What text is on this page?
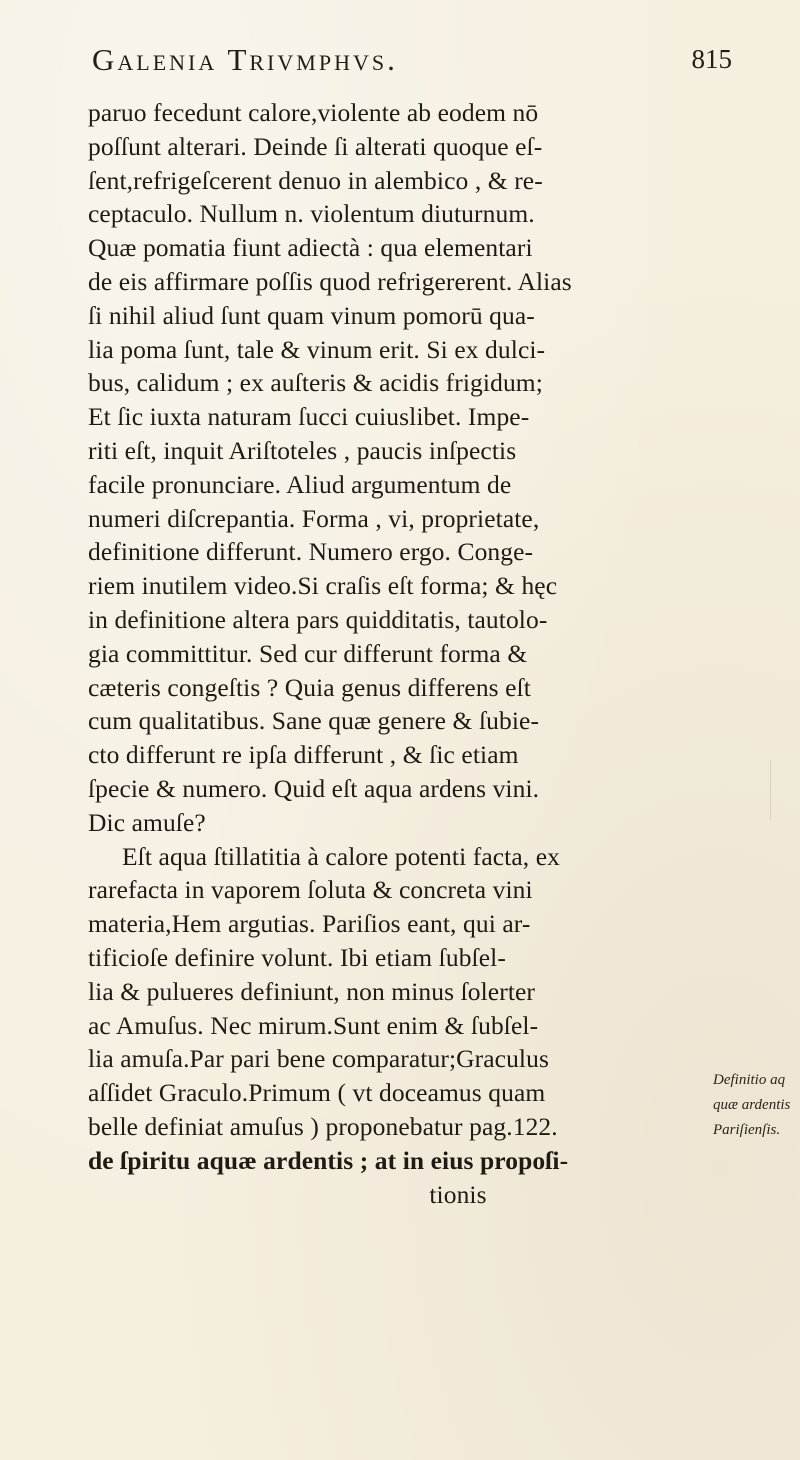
Galenia Trivmphvs.	815
paruo fecedunt calore,violente ab eodem nō
poſſunt alterari. Deinde ſi alterati quoque eſ-
ſent,refrigeſcerent denuo in alembico , & re-
ceptaculo. Nullum n. violentum diuturnum.
Quæ pomatia fiunt adiectà : qua elementari
de eis affirmare poſſis quod refrigererent. Alias
ſi nihil aliud ſunt quam vinum pomorū qua-
lia poma ſunt, tale & vinum erit. Si ex dulci-
bus, calidum ; ex auſteris & acidis frigidum;
Et ſic iuxta naturam ſucci cuiuslibet. Impe-
riti eſt, inquit Ariſtoteles , paucis inſpectis
facile pronunciare. Aliud argumentum de
numeri diſcrepantia. Forma , vi, proprietate,
definitione differunt. Numero ergo. Conge-
riem inutilem video.Si craſis eſt forma; & hęc
in definitione altera pars quidditatis, tautolo-
gia committitur. Sed cur differunt forma &
cæteris congeſtis ? Quia genus differens eſt
cum qualitatibus. Sane quæ genere & ſubie-
cto differunt re ipſa differunt , & ſic etiam
ſpecie & numero. Quid eſt aqua ardens vini.
Dic amuſe?
Eſt aqua ſtillatitia à calore potenti facta, ex
rarefacta in vaporem ſoluta & concreta vini
materia,Hem argutias. Pariſios eant, qui ar-
tificioſe definire volunt. Ibi etiam ſubſel-
lia & pulueres definiunt, non minus ſolerter
ac Amuſus. Nec mirum.Sunt enim & ſubſel-
lia amuſa.Par pari bene comparatur;Graculus
aſſidet Graculo.Primum ( vt doceamus quam
belle definiat amuſus ) proponebatur pag.122.
de ſpiritu aquæ ardentis ; at in eius propoſi-
tionis
Definitio aq
quæ ardentis
Pariſienſis.
